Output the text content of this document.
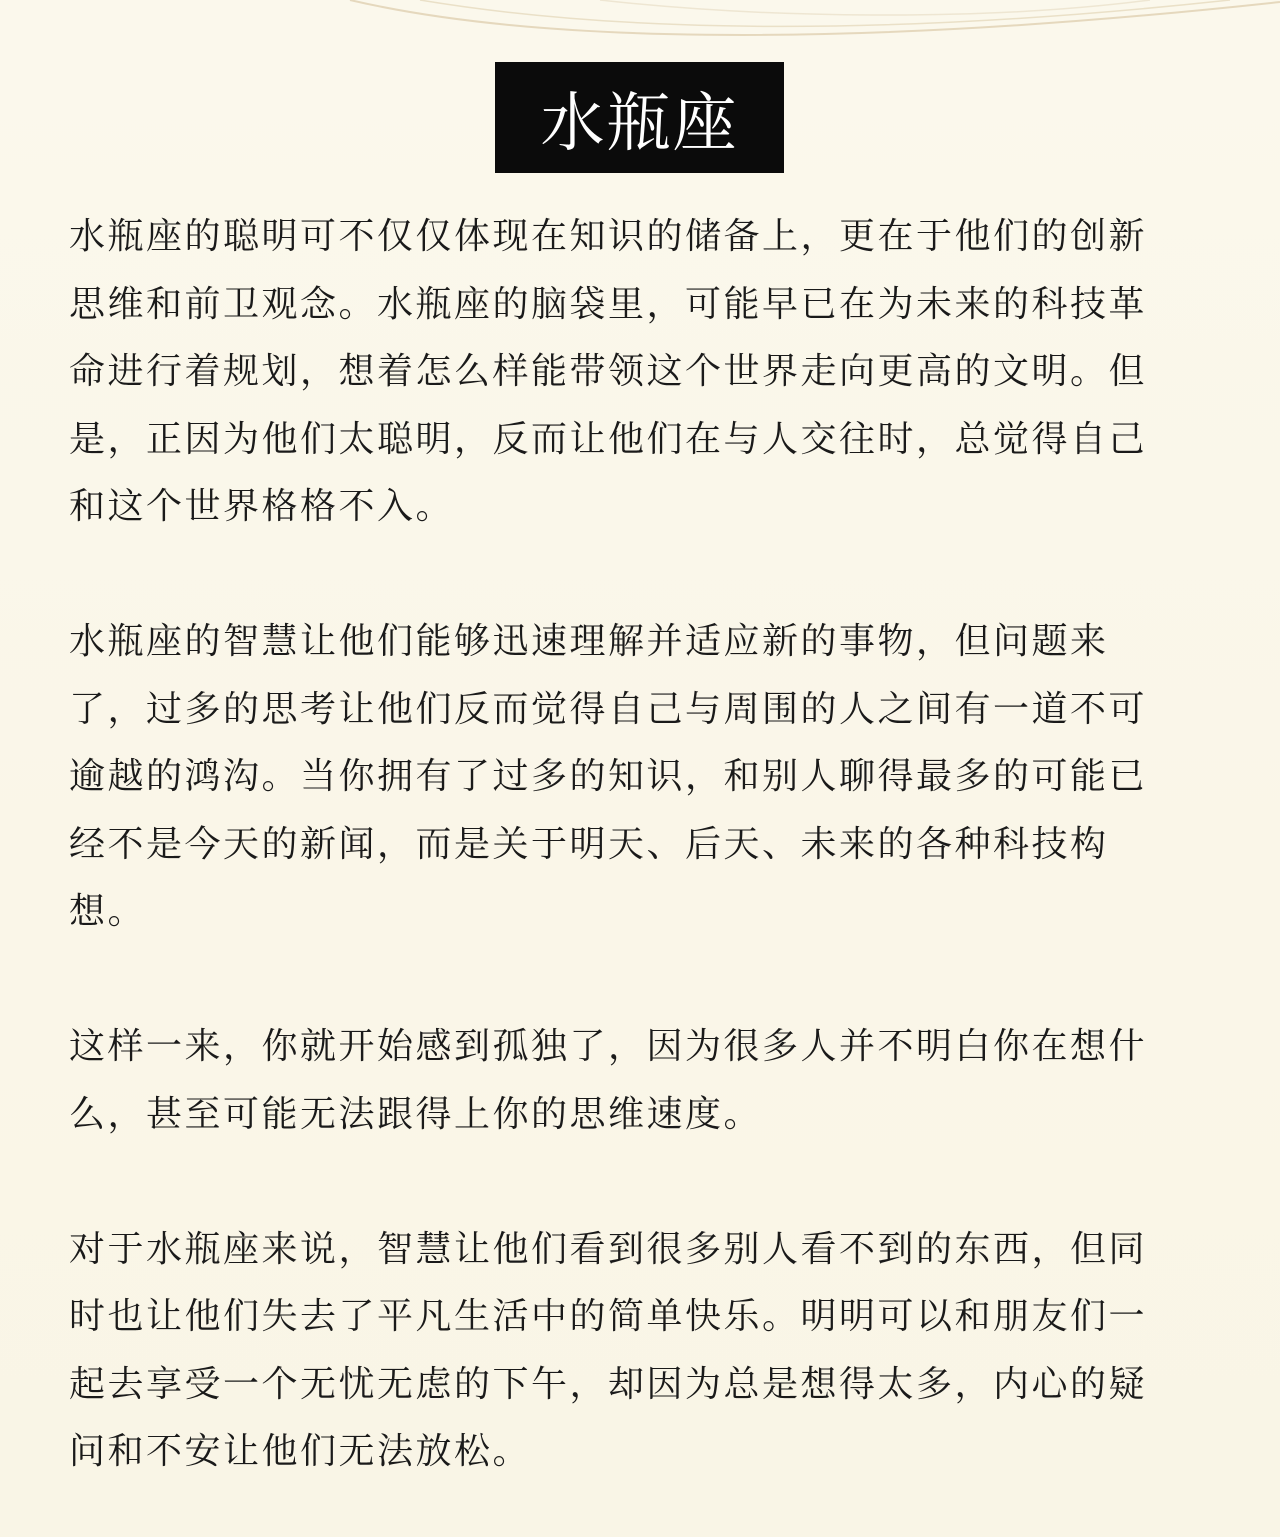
水瓶座

水瓶座的聪明可不仅仅体现在知识的储备上，更在于他们的创新
思维和前卫观念。水瓶座的脑袋里，可能早已在为未来的科技革
命进行着规划，想着怎么样能带领这个世界走向更高的文明。但
是，正因为他们太聪明，反而让他们在与人交往时，总觉得自己
和这个世界格格不入。

水瓶座的智慧让他们能够迅速理解并适应新的事物，但问题来
了，过多的思考让他们反而觉得自己与周围的人之间有一道不可
逾越的鸿沟。当你拥有了过多的知识，和别人聊得最多的可能已
经不是今天的新闻，而是关于明天、后天、未来的各种科技构
想。

这样一来，你就开始感到孤独了，因为很多人并不明白你在想什
么，甚至可能无法跟得上你的思维速度。

对于水瓶座来说，智慧让他们看到很多别人看不到的东西，但同
时也让他们失去了平凡生活中的简单快乐。明明可以和朋友们一
起去享受一个无忧无虑的下午，却因为总是想得太多，内心的疑
问和不安让他们无法放松。
